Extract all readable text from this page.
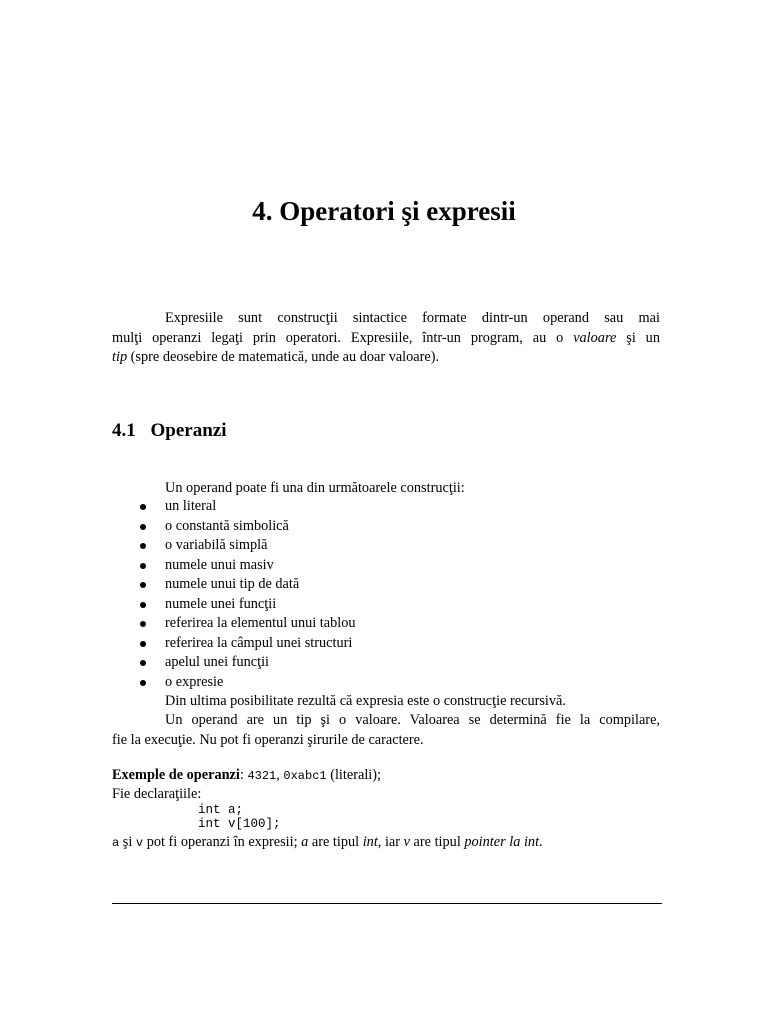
4. Operatori şi expresii
Expresiile sunt construcţii sintactice formate dintr-un operand sau mai
mulţi operanzi legaţi prin operatori. Expresiile, într-un program, au o valoare şi un
tip (spre deosebire de matematică, unde au doar valoare).
4.1 Operanzi
Un operand poate fi una din următoarele construcţii:
un literal
o constantă simbolică
o variabilă simplă
numele unui masiv
numele unui tip de dată
numele unei funcţii
referirea la elementul unui tablou
referirea la câmpul unei structuri
apelul unei funcţii
o expresie
Din ultima posibilitate rezultă că expresia este o construcţie recursivă.
Un operand are un tip şi o valoare. Valoarea se determină fie la compilare,
fie la execuţie. Nu pot fi operanzi şirurile de caractere.
Exemple de operanzi: 4321, 0xabc1 (literali);
Fie declaraţiile:
int a;
int v[100];
a şi v pot fi operanzi în expresii; a are tipul int, iar v are tipul pointer la int.
